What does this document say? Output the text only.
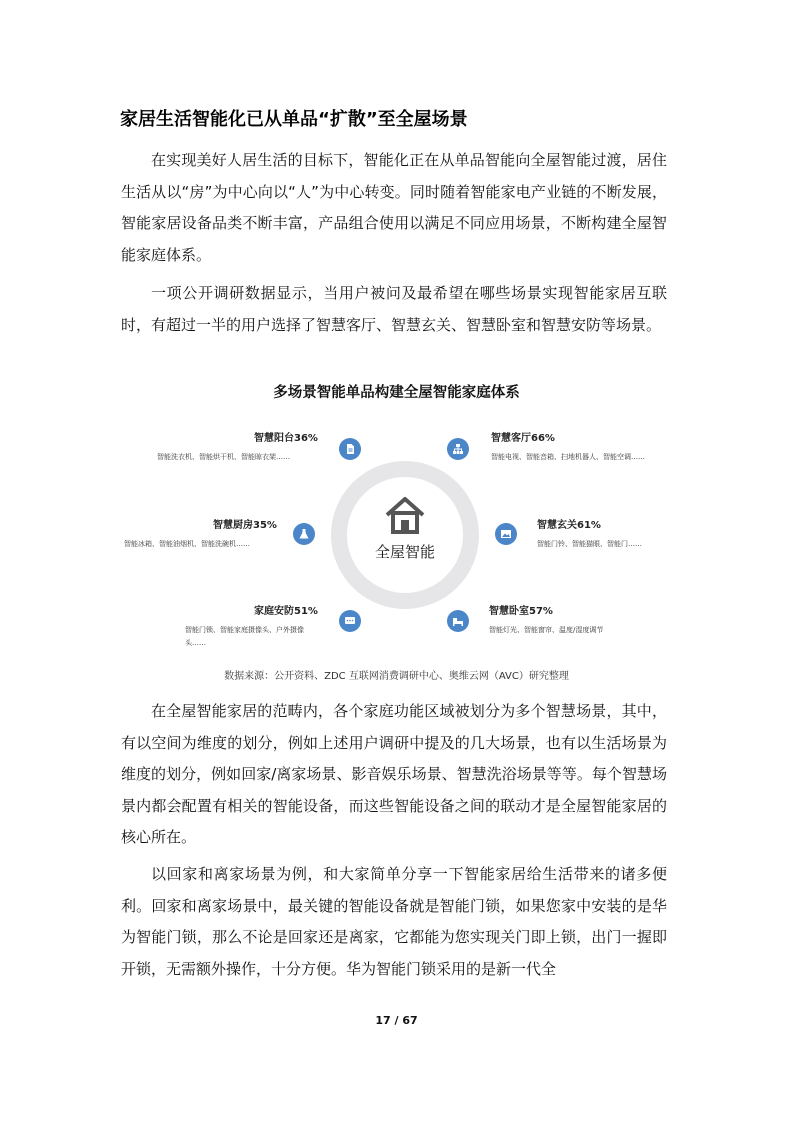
家居生活智能化已从单品“扩散”至全屋场景

在实现美好人居生活的目标下，智能化正在从单品智能向全屋智能过渡，居住生活从以“房”为中心向以“人”为中心转变。同时随着智能家电产业链的不断发展，智能家居设备品类不断丰富，产品组合使用以满足不同应用场景，不断构建全屋智能家庭体系。

一项公开调研数据显示，当用户被问及最希望在哪些场景实现智能家居互联时，有超过一半的用户选择了智慧客厅、智慧玄关、智慧卧室和智慧安防等场景。

多场景智能单品构建全屋智能家庭体系
全屋智能
智慧阳台36%
智能洗衣机、智能烘干机、智能晾衣架……
智慧厨房35%
智能冰箱、智能油烟机、智能洗碗机……
家庭安防51%
智能门锁、智能家庭摄像头、户外摄像头……
智慧客厅66%
智能电视、智能音箱、扫地机器人、智能空调……
智慧玄关61%
智能门铃、智能猫眼、智能门……
智慧卧室57%
智能灯光、智能窗帘、温度/湿度调节
数据来源：公开资料、ZDC 互联网消费调研中心、奥维云网（AVC）研究整理

在全屋智能家居的范畴内，各个家庭功能区域被划分为多个智慧场景，其中，有以空间为维度的划分，例如上述用户调研中提及的几大场景，也有以生活场景为维度的划分，例如回家/离家场景、影音娱乐场景、智慧洗浴场景等等。每个智慧场景内都会配置有相关的智能设备，而这些智能设备之间的联动才是全屋智能家居的核心所在。

以回家和离家场景为例，和大家简单分享一下智能家居给生活带来的诸多便利。回家和离家场景中，最关键的智能设备就是智能门锁，如果您家中安装的是华为智能门锁，那么不论是回家还是离家，它都能为您实现关门即上锁，出门一握即开锁，无需额外操作，十分方便。华为智能门锁采用的是新一代全

17 / 67
